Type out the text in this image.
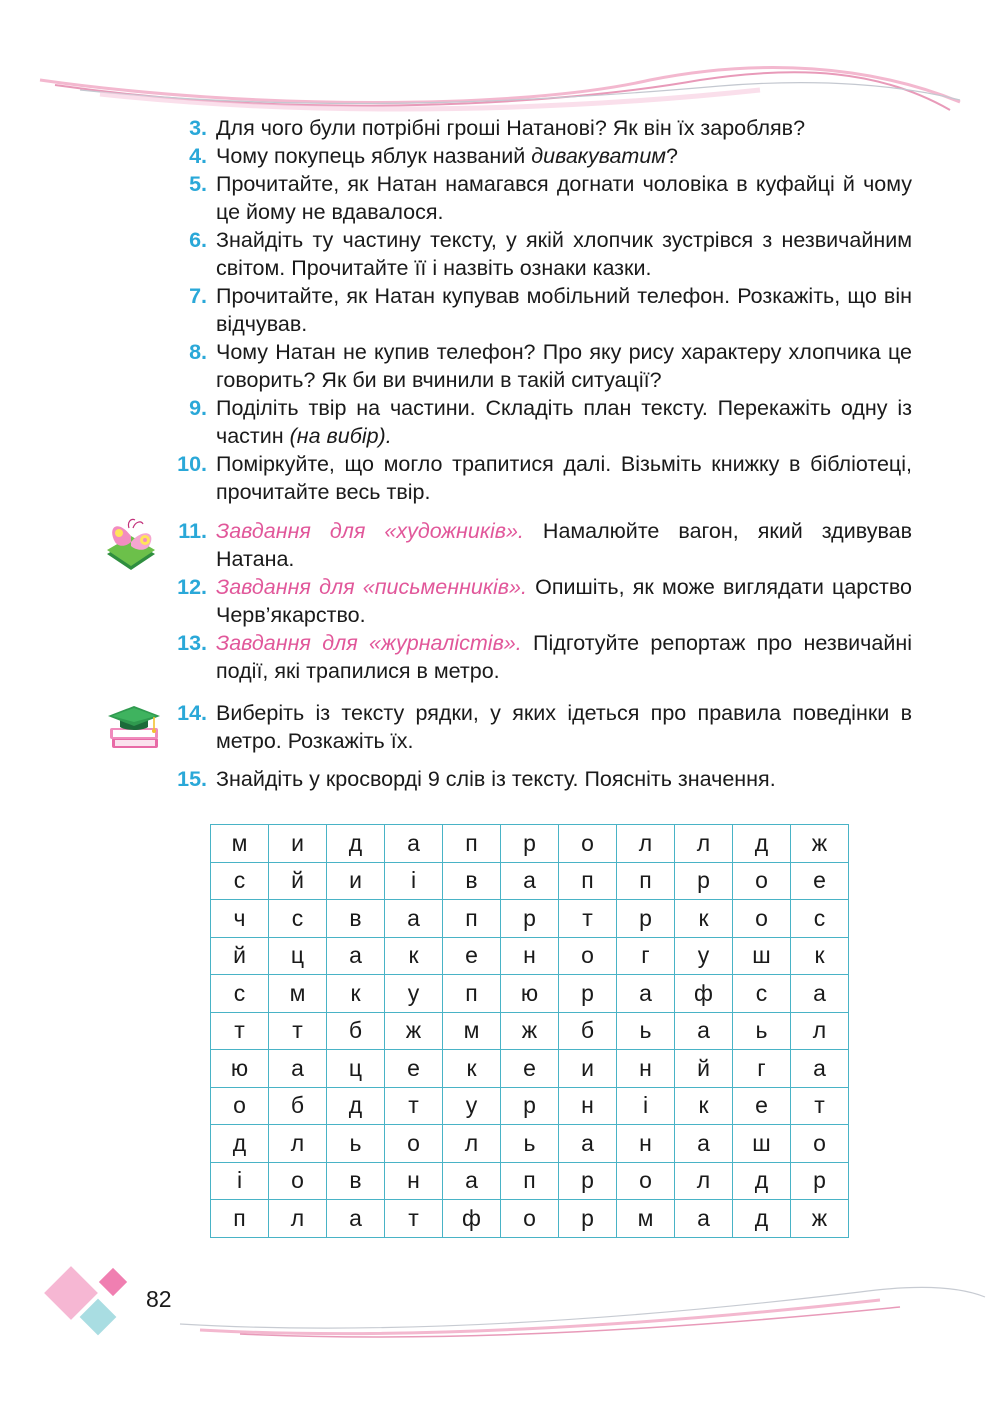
3. Для чого були потрібні гроші Натанові? Як він їх заробляв?
4. Чому покупець яблук названий дивакуватим?
5. Прочитайте, як Натан намагався догнати чоловіка в куфайці й чому це йому не вдавалося.
6. Знайдіть ту частину тексту, у якій хлопчик зустрівся з незвичайним світом. Прочитайте її і назвіть ознаки казки.
7. Прочитайте, як Натан купував мобільний телефон. Розкажіть, що він відчував.
8. Чому Натан не купив телефон? Про яку рису характеру хлопчика це говорить? Як би ви вчинили в такій ситуації?
9. Поділіть твір на частини. Складіть план тексту. Перекажіть одну із частин (на вибір).
10. Поміркуйте, що могло трапитися далі. Візьміть книжку в бібліотеці, прочитайте весь твір.
11. Завдання для «художників». Намалюйте вагон, який здивував Натана.
12. Завдання для «письменників». Опишіть, як може виглядати царство Черв’якарство.
13. Завдання для «журналістів». Підготуйте репортаж про незвичайні події, які трапилися в метро.
14. Виберіть із тексту рядки, у яких ідеться про правила поведінки в метро. Розкажіть їх.
15. Знайдіть у кросворді 9 слів із тексту. Поясніть значення.
м	и	д	а	п	р	о	л	л	д	ж
с	й	и	і	в	а	п	п	р	о	е
ч	с	в	а	п	р	т	р	к	о	с
й	ц	а	к	е	н	о	г	у	ш	к
с	м	к	у	п	ю	р	а	ф	с	а
т	т	б	ж	м	ж	б	ь	а	ь	л
ю	а	ц	е	к	е	и	н	й	г	а
о	б	д	т	у	р	н	і	к	е	т
д	л	ь	о	л	ь	а	н	а	ш	о
і	о	в	н	а	п	р	о	л	д	р
п	л	а	т	ф	о	р	м	а	д	ж
82
